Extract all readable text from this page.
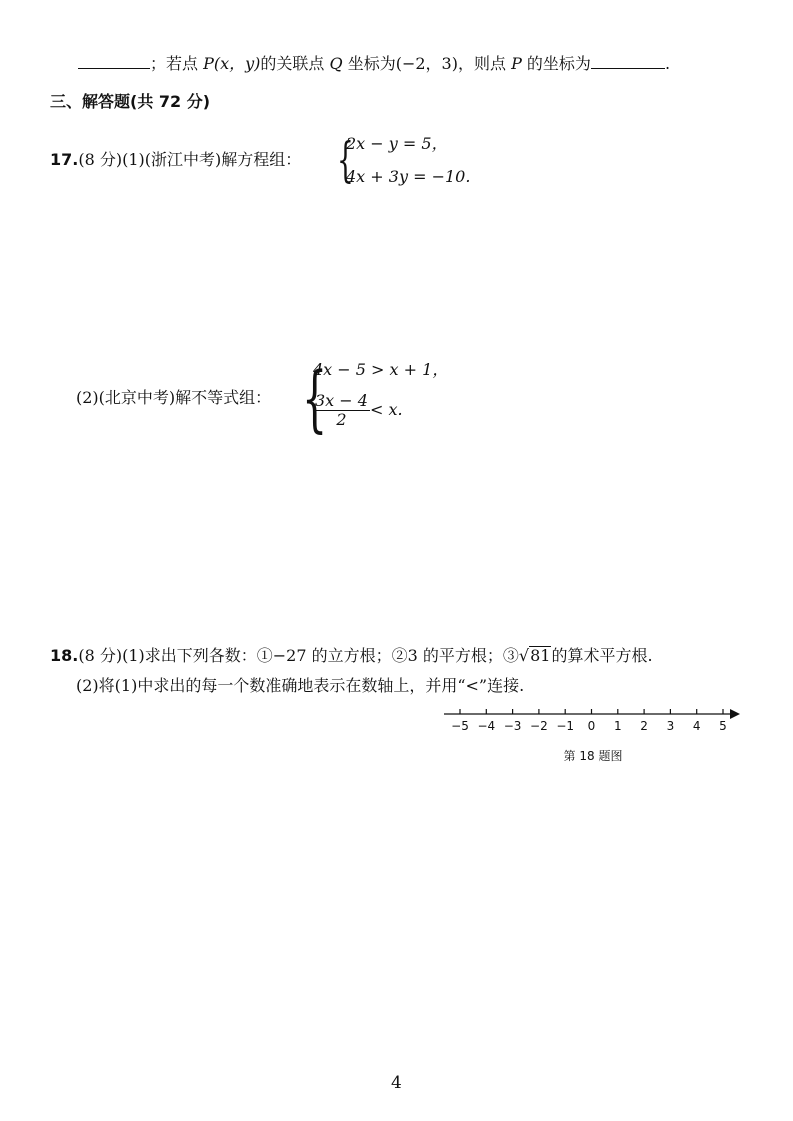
；若点 P(x，y)的关联点 Q 坐标为(−2，3)，则点 P 的坐标为	.
三、解答题(共 72 分)
17.(8 分)(1)(浙江中考)解方程组： {
2x − y = 5，
4x + 3y = −10.
(2)(北京中考)解不等式组： {
4x − 5 > x + 1，
$\frac{3x - 4}{2} < x$.
18.(8 分)(1)求出下列各数：①−27 的立方根；②3 的平方根；③√81的算术平方根.
(2)将(1)中求出的每一个数准确地表示在数轴上，并用“<”连接.
−5 −4 −3 −2 −1 0 1 2 3 4 5
第 18 题图
4
